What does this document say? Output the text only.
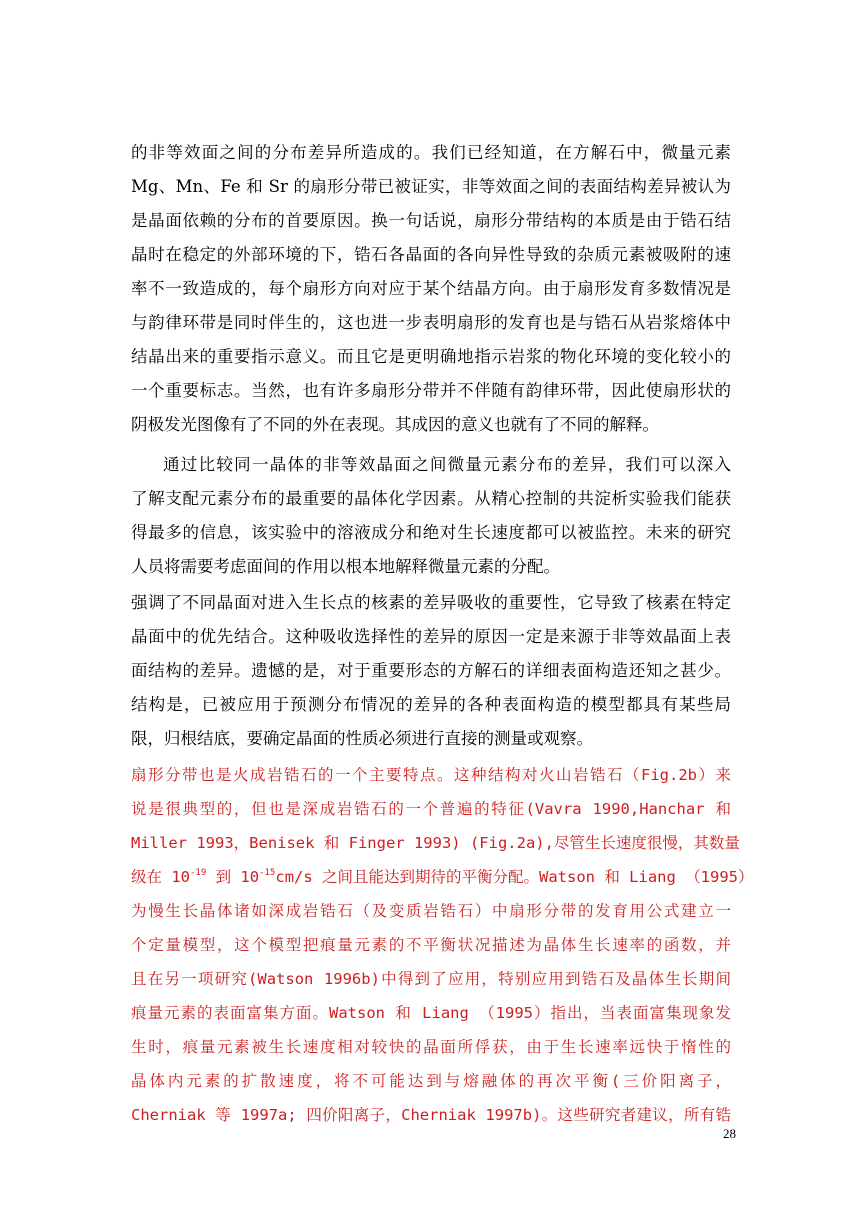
的非等效面之间的分布差异所造成的。我们已经知道，在方解石中，微量元素
Mg、Mn、Fe 和 Sr 的扇形分带已被证实，非等效面之间的表面结构差异被认为
是晶面依赖的分布的首要原因。换一句话说，扇形分带结构的本质是由于锆石结
晶时在稳定的外部环境的下，锆石各晶面的各向异性导致的杂质元素被吸附的速
率不一致造成的，每个扇形方向对应于某个结晶方向。由于扇形发育多数情况是
与韵律环带是同时伴生的，这也进一步表明扇形的发育也是与锆石从岩浆熔体中
结晶出来的重要指示意义。而且它是更明确地指示岩浆的物化环境的变化较小的
一个重要标志。当然，也有许多扇形分带并不伴随有韵律环带，因此使扇形状的
阴极发光图像有了不同的外在表现。其成因的意义也就有了不同的解释。
通过比较同一晶体的非等效晶面之间微量元素分布的差异，我们可以深入
了解支配元素分布的最重要的晶体化学因素。从精心控制的共淀析实验我们能获
得最多的信息，该实验中的溶液成分和绝对生长速度都可以被监控。未来的研究
人员将需要考虑面间的作用以根本地解释微量元素的分配。
强调了不同晶面对进入生长点的核素的差异吸收的重要性，它导致了核素在特定
晶面中的优先结合。这种吸收选择性的差异的原因一定是来源于非等效晶面上表
面结构的差异。遗憾的是，对于重要形态的方解石的详细表面构造还知之甚少。
结构是，已被应用于预测分布情况的差异的各种表面构造的模型都具有某些局
限，归根结底，要确定晶面的性质必须进行直接的测量或观察。
扇形分带也是火成岩锆石的一个主要特点。这种结构对火山岩锆石（Fig.2b）来
说是很典型的，但也是深成岩锆石的一个普遍的特征(Vavra 1990,Hanchar 和
Miller 1993，Benisek 和 Finger 1993) (Fig.2a),尽管生长速度很慢，其数量
级在 $10^{-19}$ 到 $10^{-15}cm/s$ 之间且能达到期待的平衡分配。Watson 和 Liang （1995）
为慢生长晶体诸如深成岩锆石（及变质岩锆石）中扇形分带的发育用公式建立一
个定量模型，这个模型把痕量元素的不平衡状况描述为晶体生长速率的函数，并
且在另一项研究(Watson 1996b)中得到了应用，特别应用到锆石及晶体生长期间
痕量元素的表面富集方面。Watson 和 Liang （1995）指出，当表面富集现象发
生时，痕量元素被生长速度相对较快的晶面所俘获，由于生长速率远快于惰性的
晶体内元素的扩散速度，将不可能达到与熔融体的再次平衡(三价阳离子，
Cherniak 等 1997a; 四价阳离子，Cherniak 1997b)。这些研究者建议，所有锆
28
